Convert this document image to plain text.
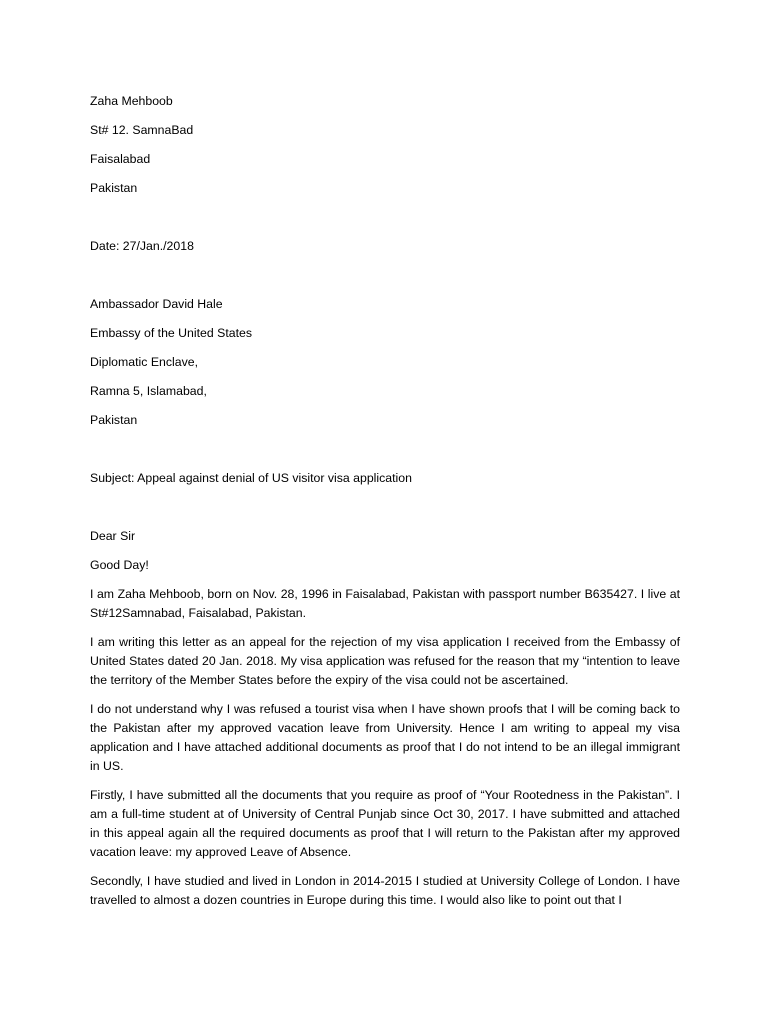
Zaha Mehboob
St# 12. SamnaBad
Faisalabad
Pakistan
Date: 27/Jan./2018
Ambassador David Hale
Embassy of the United States
Diplomatic Enclave,
Ramna 5, Islamabad,
Pakistan
Subject: Appeal against denial of US visitor visa application
Dear Sir
Good Day!

I am Zaha Mehboob, born on Nov. 28, 1996 in Faisalabad, Pakistan with passport number B635427. I live at St#12Samnabad, Faisalabad, Pakistan.

I am writing this letter as an appeal for the rejection of my visa application I received from the Embassy of United States dated 20 Jan. 2018. My visa application was refused for the reason that my “intention to leave the territory of the Member States before the expiry of the visa could not be ascertained.

I do not understand why I was refused a tourist visa when I have shown proofs that I will be coming back to the Pakistan after my approved vacation leave from University. Hence I am writing to appeal my visa application and I have attached additional documents as proof that I do not intend to be an illegal immigrant in US.

Firstly, I have submitted all the documents that you require as proof of “Your Rootedness in the Pakistan”. I am a full-time student at of University of Central Punjab since Oct 30, 2017. I have submitted and attached in this appeal again all the required documents as proof that I will return to the Pakistan after my approved vacation leave: my approved Leave of Absence.

Secondly, I have studied and lived in London in 2014-2015 I studied at University College of London. I have travelled to almost a dozen countries in Europe during this time. I would also like to point out that I
